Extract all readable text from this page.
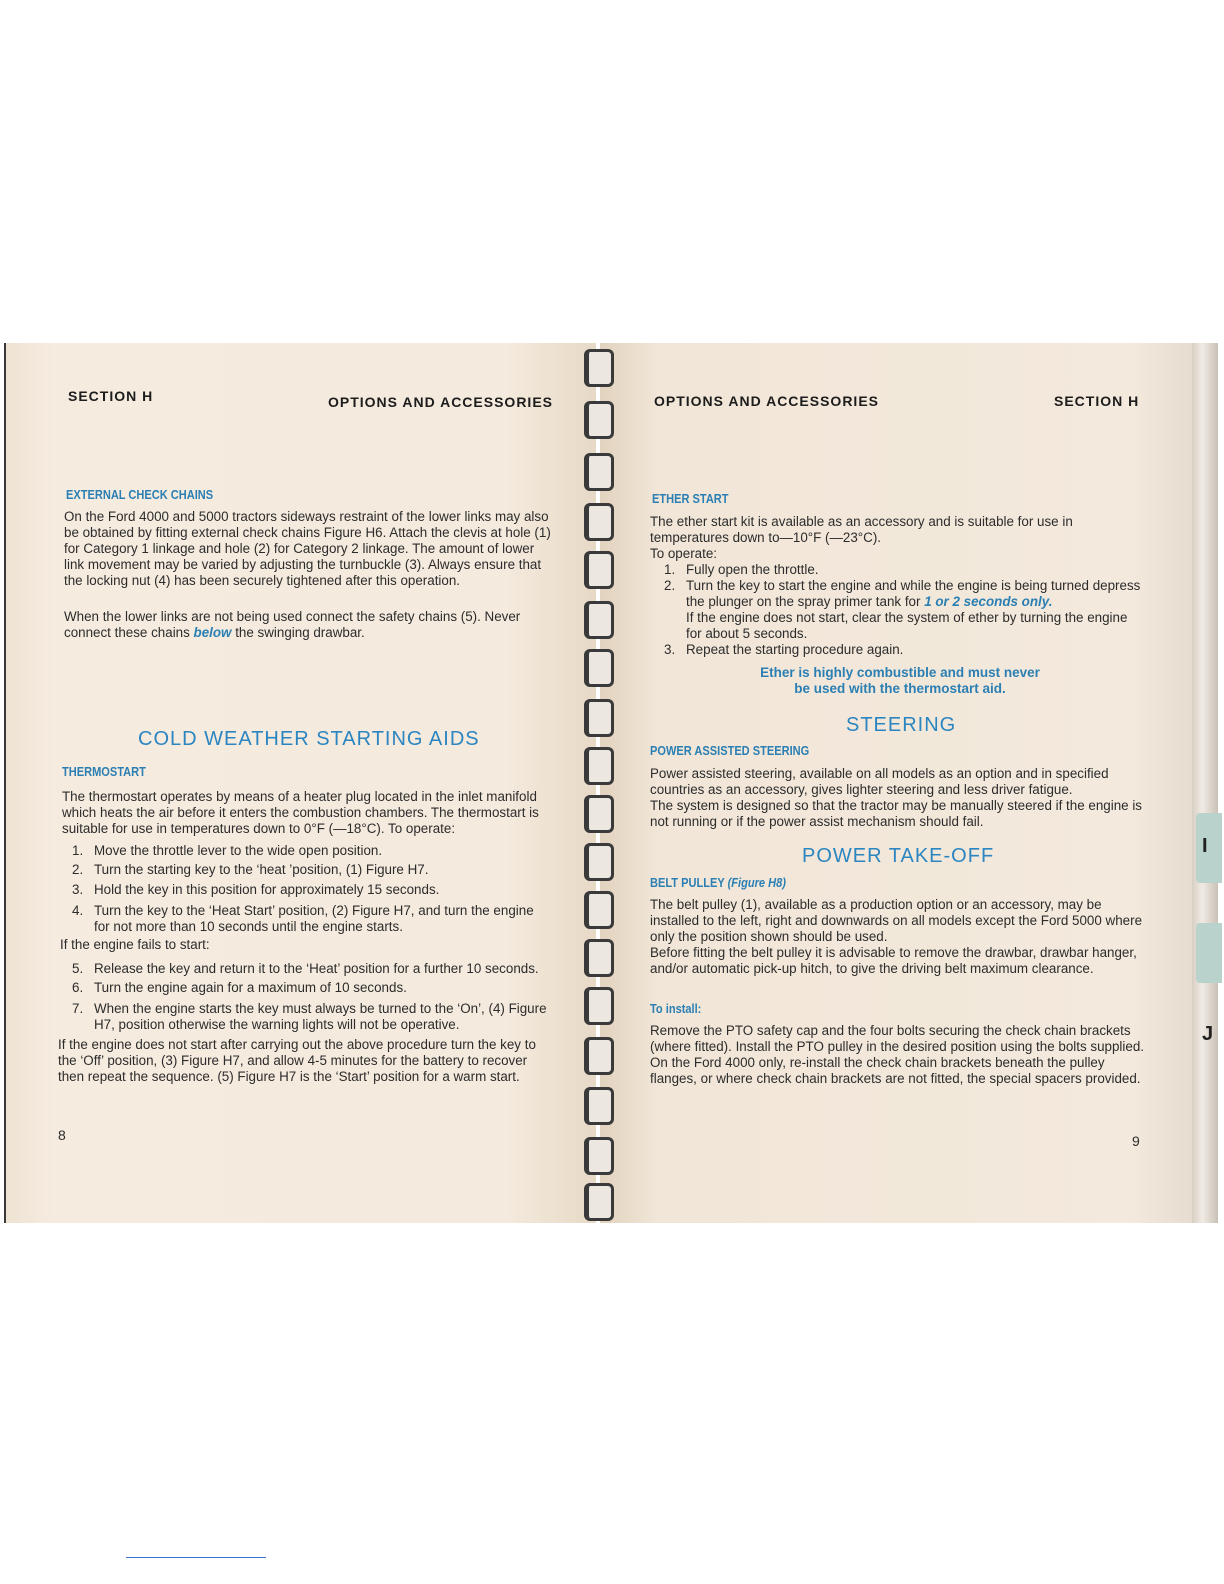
SECTION H	OPTIONS AND ACCESSORIES
EXTERNAL CHECK CHAINS
On the Ford 4000 and 5000 tractors sideways restraint of the lower links may also be obtained by fitting external check chains Figure H6. Attach the clevis at hole (1) for Category 1 linkage and hole (2) for Category 2 linkage. The amount of lower link movement may be varied by adjusting the turnbuckle (3). Always ensure that the locking nut (4) has been securely tightened after this operation.
When the lower links are not being used connect the safety chains (5). Never connect these chains below the swinging drawbar.
COLD WEATHER STARTING AIDS
THERMOSTART
The thermostart operates by means of a heater plug located in the inlet manifold which heats the air before it enters the combustion chambers. The thermostart is suitable for use in temperatures down to 0°F (—18°C). To operate:
1. Move the throttle lever to the wide open position.
2. Turn the starting key to the ‘heat ’position, (1) Figure H7.
3. Hold the key in this position for approximately 15 seconds.
4. Turn the key to the ‘Heat Start’ position, (2) Figure H7, and turn the engine for not more than 10 seconds until the engine starts.
If the engine fails to start:
5. Release the key and return it to the ‘Heat’ position for a further 10 seconds.
6. Turn the engine again for a maximum of 10 seconds.
7. When the engine starts the key must always be turned to the ‘On’, (4) Figure H7, position otherwise the warning lights will not be operative.
If the engine does not start after carrying out the above procedure turn the key to the ‘Off’ position, (3) Figure H7, and allow 4-5 minutes for the battery to recover then repeat the sequence. (5) Figure H7 is the ‘Start’ position for a warm start.
8
OPTIONS AND ACCESSORIES	SECTION H
ETHER START
The ether start kit is available as an accessory and is suitable for use in temperatures down to—10°F (—23°C).
To operate:
1. Fully open the throttle.
2. Turn the key to start the engine and while the engine is being turned depress the plunger on the spray primer tank for 1 or 2 seconds only.
If the engine does not start, clear the system of ether by turning the engine for about 5 seconds.
3. Repeat the starting procedure again.
Ether is highly combustible and must never
be used with the thermostart aid.
STEERING
POWER ASSISTED STEERING
Power assisted steering, available on all models as an option and in specified countries as an accessory, gives lighter steering and less driver fatigue.
The system is designed so that the tractor may be manually steered if the engine is not running or if the power assist mechanism should fail.
POWER TAKE-OFF
BELT PULLEY (Figure H8)
The belt pulley (1), available as a production option or an accessory, may be installed to the left, right and downwards on all models except the Ford 5000 where only the position shown should be used.
Before fitting the belt pulley it is advisable to remove the drawbar, drawbar hanger, and/or automatic pick-up hitch, to give the driving belt maximum clearance.
To install:
Remove the PTO safety cap and the four bolts securing the check chain brackets (where fitted). Install the PTO pulley in the desired position using the bolts supplied. On the Ford 4000 only, re-install the check chain brackets beneath the pulley flanges, or where check chain brackets are not fitted, the special spacers provided.
9
I
J
